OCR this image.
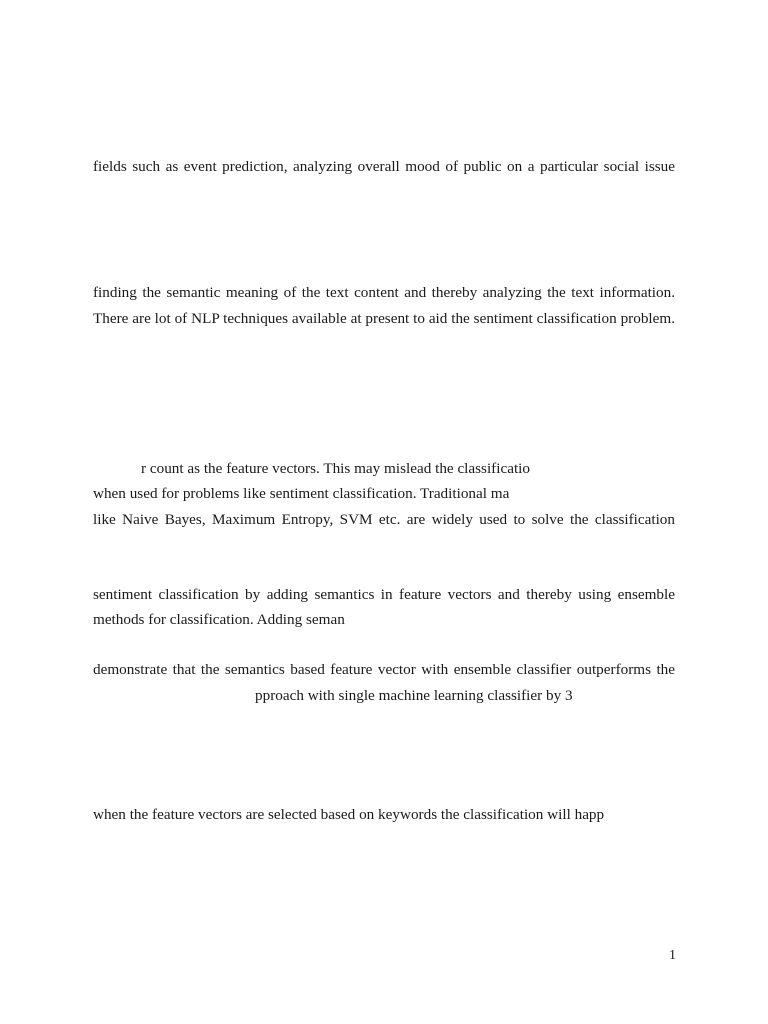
fields such as event prediction, analyzing overall mood of public on a particular social issue

finding the semantic meaning of the text content and thereby analyzing the text information.

There are lot of NLP techniques available at present to aid the sentiment classification problem.

r count as the feature vectors. This may mislead the classificatio

when used for problems like sentiment classification. Traditional ma

like Naive Bayes, Maximum Entropy, SVM etc. are widely used to solve the classification

sentiment classification by adding semantics in feature vectors and thereby using ensemble

methods for classification. Adding seman

demonstrate that the semantics based feature vector with ensemble classifier outperforms the

pproach with single machine learning classifier by 3

when the feature vectors are selected based on keywords the classification will happ

1
